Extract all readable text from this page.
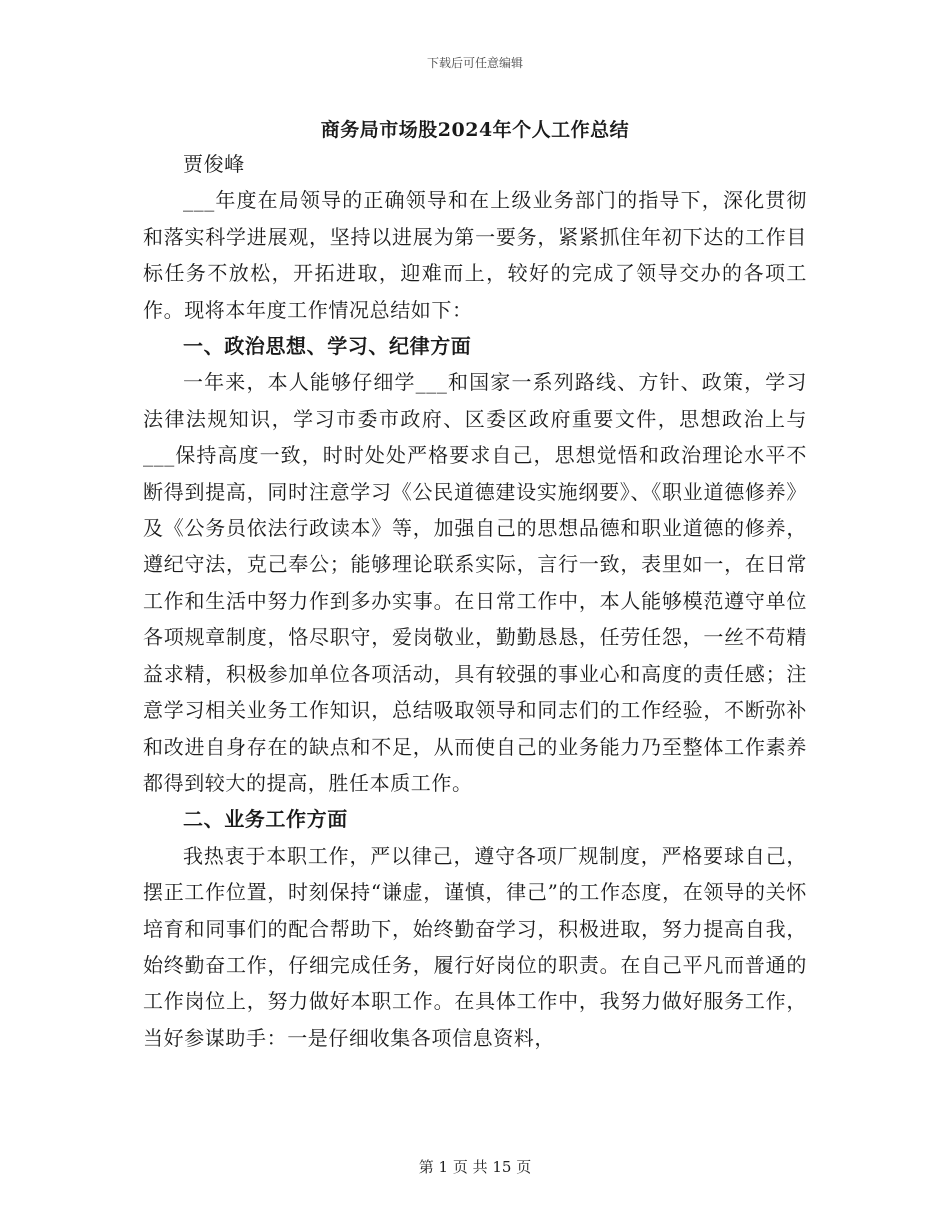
下载后可任意编辑
商务局市场股2024年个人工作总结

贾俊峰

___年度在局领导的正确领导和在上级业务部门的指导下，深化贯彻和落实科学进展观，坚持以进展为第一要务，紧紧抓住年初下达的工作目标任务不放松，开拓进取，迎难而上，较好的完成了领导交办的各项工作。现将本年度工作情况总结如下：

一、政治思想、学习、纪律方面

一年来，本人能够仔细学___和国家一系列路线、方针、政策，学习法律法规知识，学习市委市政府、区委区政府重要文件，思想政治上与___保持高度一致，时时处处严格要求自己，思想觉悟和政治理论水平不断得到提高，同时注意学习《公民道德建设实施纲要》、《职业道德修养》及《公务员依法行政读本》等，加强自己的思想品德和职业道德的修养，遵纪守法，克己奉公；能够理论联系实际，言行一致，表里如一，在日常工作和生活中努力作到多办实事。在日常工作中，本人能够模范遵守单位各项规章制度，恪尽职守，爱岗敬业，勤勤恳恳，任劳任怨，一丝不苟精益求精，积极参加单位各项活动，具有较强的事业心和高度的责任感；注意学习相关业务工作知识，总结吸取领导和同志们的工作经验，不断弥补和改进自身存在的缺点和不足，从而使自己的业务能力乃至整体工作素养都得到较大的提高，胜任本质工作。

二、业务工作方面

我热衷于本职工作，严以律己，遵守各项厂规制度，严格要球自己，摆正工作位置，时刻保持“谦虚，谨慎，律己”的工作态度，在领导的关怀培育和同事们的配合帮助下，始终勤奋学习，积极进取，努力提高自我，始终勤奋工作，仔细完成任务，履行好岗位的职责。在自己平凡而普通的工作岗位上，努力做好本职工作。在具体工作中，我努力做好服务工作，当好参谋助手：一是仔细收集各项信息资料，

第 1 页 共 15 页
